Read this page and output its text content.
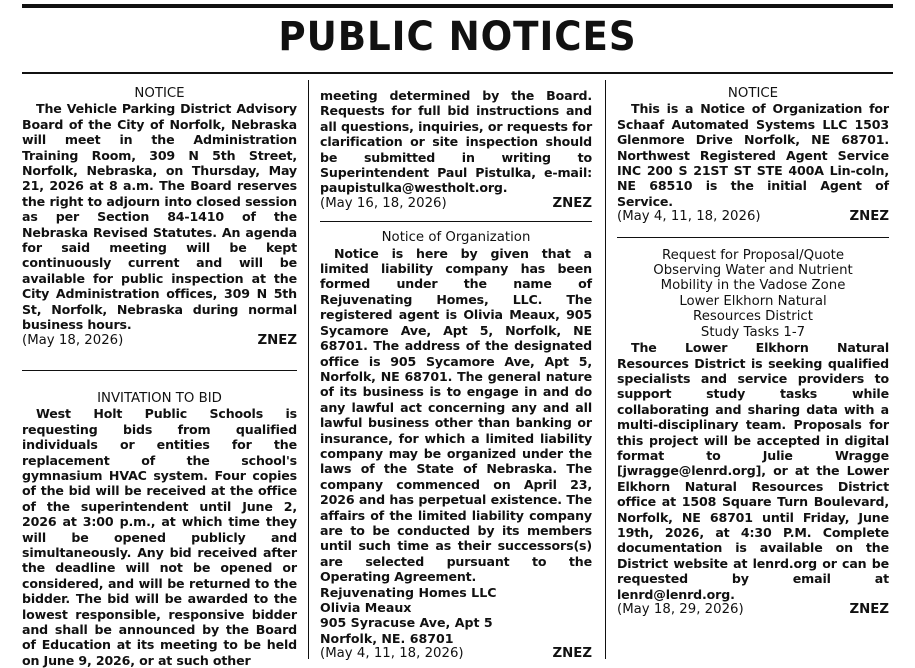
PUBLIC NOTICES
NOTICE

The Vehicle Parking District Advisory Board of the City of Norfolk, Nebraska will meet in the Administration Training Room, 309 N 5th Street, Norfolk, Nebraska, on Thursday, May 21, 2026 at 8 a.m. The Board reserves the right to adjourn into closed session as per Section 84-1410 of the Nebraska Revised Statutes. An agenda for said meeting will be kept continuously current and will be available for public inspection at the City Administration offices, 309 N 5th St, Norfolk, Nebraska during normal business hours.

(May 18, 2026)	ZNEZ
INVITATION TO BID

West Holt Public Schools is requesting bids from qualified individuals or entities for the replacement of the school's gymnasium HVAC system. Four copies of the bid will be received at the office of the superintendent until June 2, 2026 at 3:00 p.m., at which time they will be opened publicly and simultaneously. Any bid received after the deadline will not be opened or considered, and will be returned to the bidder. The bid will be awarded to the lowest responsible, responsive bidder and shall be announced by the Board of Education at its meeting to be held on June 9, 2026, or at such other

meeting determined by the Board. Requests for full bid instructions and all questions, inquiries, or requests for clarification or site inspection should be submitted in writing to Superintendent Paul Pistulka, e-mail: paupistulka@westholt.org.

(May 16, 18, 2026)	ZNEZ
Notice of Organization

Notice is here by given that a limited liability company has been formed under the name of Rejuvenating Homes, LLC. The registered agent is Olivia Meaux, 905 Sycamore Ave, Apt 5, Norfolk, NE 68701. The address of the designated office is 905 Sycamore Ave, Apt 5, Norfolk, NE 68701. The general nature of its business is to engage in and do any lawful act concerning any and all lawful business other than banking or insurance, for which a limited liability company may be organized under the laws of the State of Nebraska. The company commenced on April 23, 2026 and has perpetual existence. The affairs of the limited liability company are to be conducted by its members until such time as their successors(s) are selected pursuant to the Operating Agreement.

Rejuvenating Homes LLC
Olivia Meaux
905 Syracuse Ave, Apt 5
Norfolk, NE. 68701
(May 4, 11, 18, 2026)	ZNEZ
NOTICE

This is a Notice of Organization for Schaaf Automated Systems LLC 1503 Glenmore Drive Norfolk, NE 68701. Northwest Registered Agent Service INC 200 S 21ST ST STE 400A Lin-coln, NE 68510 is the initial Agent of Service.

(May 4, 11, 18, 2026)	ZNEZ
Request for Proposal/Quote
Observing Water and Nutrient
Mobility in the Vadose Zone
Lower Elkhorn Natural
Resources District
Study Tasks 1-7

The Lower Elkhorn Natural Resources District is seeking qualified specialists and service providers to support study tasks while collaborating and sharing data with a multi-disciplinary team. Proposals for this project will be accepted in digital format to Julie Wragge [jwragge@lenrd.org], or at the Lower Elkhorn Natural Resources District office at 1508 Square Turn Boulevard, Norfolk, NE 68701 until Friday, June 19th, 2026, at 4:30 P.M. Complete documentation is available on the District website at lenrd.org or can be requested by email at lenrd@lenrd.org.

(May 18, 29, 2026)	ZNEZ
